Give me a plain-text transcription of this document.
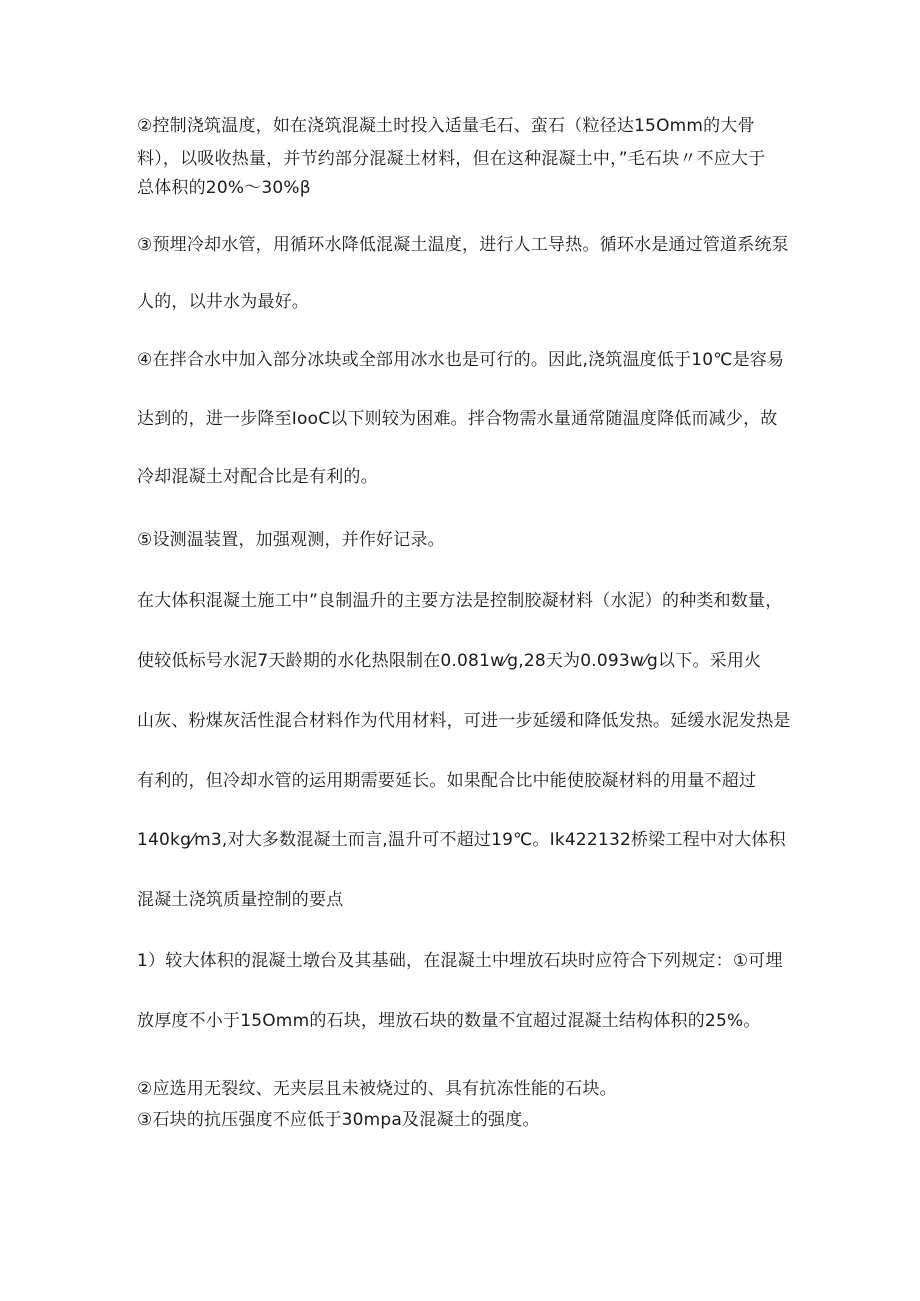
②控制浇筑温度，如在浇筑混凝土时投入适量毛石、蛮石（粒径达15Omm的大骨

料），以吸收热量，并节约部分混凝土材料，但在这种混凝土中，”毛石块〃不应大于

总体积的20%～30%β

③预埋冷却水管，用循环水降低混凝土温度，进行人工导热。循环水是通过管道系统泵

人的，以井水为最好。

④在拌合水中加入部分冰块或全部用冰水也是可行的。因此,浇筑温度低于10℃是容易

达到的，进一步降至IooC以下则较为困难。拌合物需水量通常随温度降低而减少，故

冷却混凝土对配合比是有利的。

⑤设测温装置，加强观测，并作好记录。

在大体积混凝土施工中”良制温升的主要方法是控制胶凝材料（水泥）的种类和数量，

使较低标号水泥7天龄期的水化热限制在0.081w⁄g,28天为0.093w⁄g以下。采用火

山灰、粉煤灰活性混合材料作为代用材料，可进一步延缓和降低发热。延缓水泥发热是

有利的，但冷却水管的运用期需要延长。如果配合比中能使胶凝材料的用量不超过

140kg⁄m3,对大多数混凝土而言,温升可不超过19℃。Ik422132桥梁工程中对大体积

混凝土浇筑质量控制的要点

1）较大体积的混凝土墩台及其基础，在混凝土中埋放石块时应符合下列规定：①可埋

放厚度不小于15Omm的石块，埋放石块的数量不宜超过混凝土结构体积的25%。

②应选用无裂纹、无夹层且未被烧过的、具有抗冻性能的石块。

③石块的抗压强度不应低于30mpa及混凝土的强度。
